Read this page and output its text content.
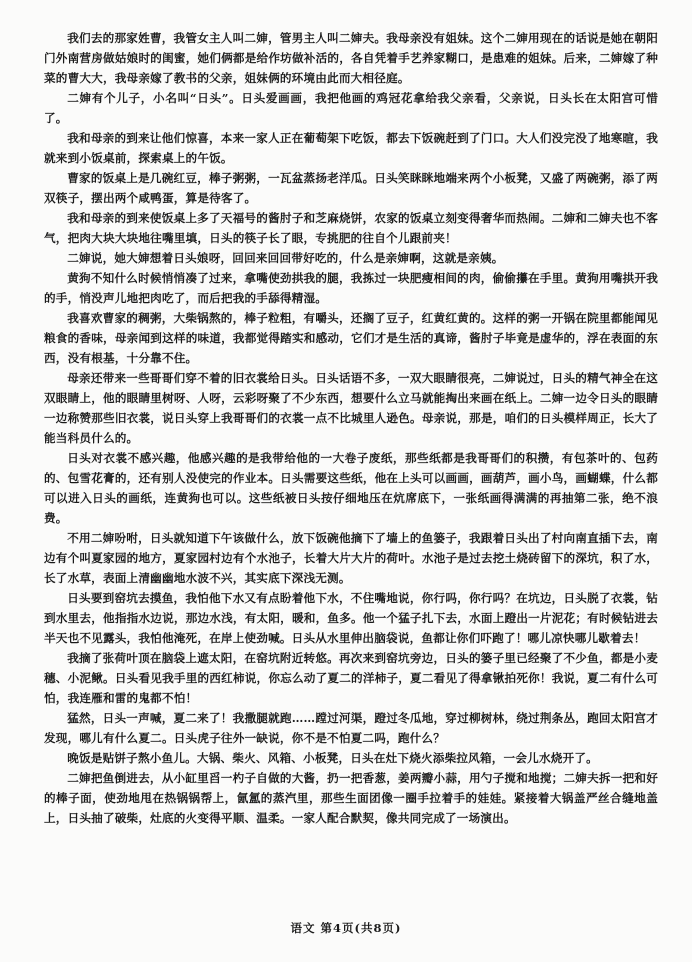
我们去的那家姓曹，我管女主人叫二婶，管男主人叫二婶夫。我母亲没有姐妹。这个二婶用现在的话说是她在朝阳门外南营房做姑娘时的闺蜜，她们俩都是给作坊做补活的，各自凭着手艺养家糊口，是患难的姐妹。后来，二婶嫁了种菜的曹大大，我母亲嫁了教书的父亲，姐妹俩的环境由此而大相径庭。

二婶有个儿子，小名叫“日头”。日头爱画画，我把他画的鸡冠花拿给我父亲看，父亲说，日头长在太阳宫可惜了。

我和母亲的到来让他们惊喜，本来一家人正在葡萄架下吃饭，都去下饭碗赶到了门口。大人们没完没了地寒暄，我就来到小饭桌前，探索桌上的午饭。

曹家的饭桌上是几碗红豆，棒子粥粥，一瓦盆蒸扬老洋瓜。日头笑眯眯地端来两个小板凳，又盛了两碗粥，添了两双筷子，摆出两个咸鸭蛋，算是待客了。

我和母亲的到来使饭桌上多了天福号的酱肘子和芝麻烧饼，农家的饭桌立刻变得奢华而热闹。二婶和二婶夫也不客气，把肉大块大块地往嘴里填，日头的筷子长了眼，专挑肥的往自个儿跟前夹！

二婶说，她大婶想着日头娘呀，回回来回回带好吃的，什么是亲婶啊，这就是亲姨。

黄狗不知什么时候悄悄凑了过来，拿嘴使劲拱我的腿，我拣过一块肥瘦相间的肉，偷偷攥在手里。黄狗用嘴拱开我的手，悄没声儿地把肉吃了，而后把我的手舔得精湿。

我喜欢曹家的稠粥，大柴锅熬的，棒子粒粗，有嚼头，还搁了豆子，红黄红黄的。这样的粥一开锅在院里都能闻见粮食的香味，母亲闻到这样的味道，我都觉得踏实和感动，它们才是生活的真谛，酱肘子毕竟是虚华的，浮在表面的东西，没有根基，十分靠不住。

母亲还带来一些哥哥们穿不着的旧衣裳给日头。日头话语不多，一双大眼睛很亮，二婶说过，日头的精气神全在这双眼睛上，他的眼睛里树呀、人呀，云彩呀聚了不少东西，想要什么立马就能掏出来画在纸上。二婶一边令日头的眼睛一边称赞那些旧衣裳，说日头穿上我哥哥们的衣裳一点不比城里人逊色。母亲说，那是，咱们的日头模样周正，长大了能当科员什么的。

日头对衣裳不感兴趣，他感兴趣的是我带给他的一大卷子废纸，那些纸都是我哥哥们的积攒，有包茶叶的、包药的、包雪花膏的，还有别人没使完的作业本。日头需要这些纸，他在上头可以画画，画葫芦，画小鸟，画蝴蝶，什么都可以进入日头的画纸，连黄狗也可以。这些纸被日头按仔细地压在炕席底下，一张纸画得满满的再抽第二张，绝不浪费。

不用二婶吩咐，日头就知道下午该做什么，放下饭碗他摘下了墙上的鱼篓子，我跟着日头出了村向南直插下去，南边有个叫夏家园的地方，夏家园村边有个水池子，长着大片大片的荷叶。水池子是过去挖土烧砖留下的深坑，积了水，长了水草，表面上清幽幽地水波不兴，其实底下深浅无测。

日头要到窑坑去摸鱼，我怕他下水又有点盼着他下水，不住嘴地说，你行吗，你行吗？在坑边，日头脱了衣裳，钻到水里去，他指指水边说，那边水浅，有太阳，暖和，鱼多。他一个猛子扎下去，水面上蹬出一片泥花；有时候钻进去半天也不见露头，我怕他淹死，在岸上使劲喊。日头从水里伸出脑袋说，鱼都让你们吓跑了！哪儿凉快哪儿歇着去！

我摘了张荷叶顶在脑袋上遮太阳，在窑坑附近转悠。再次来到窑坑旁边，日头的篓子里已经聚了不少鱼，都是小麦穗、小泥鳅。日头看见我手里的西红柿说，你忘么动了夏二的洋柿子，夏二看见了得拿锹拍死你！我说，夏二有什么可怕，我连雁和雷的鬼都不怕！

猛然，日头一声喊，夏二来了！我撒腿就跑……蹚过河渠，蹬过冬瓜地，穿过柳树林，绕过荆条丛，跑回太阳宫才发现，哪儿有什么夏二。日头虎子往外一缺说，你不是不怕夏二吗，跑什么？

晚饭是贴饼子熬小鱼儿。大锅、柴火、风箱、小板凳，日头在灶下烧火添柴拉风箱，一会儿水烧开了。

二婶把鱼倒进去，从小缸里舀一杓子自做的大酱，扔一把香葱，姜两瓣小蒜，用勺子搅和地搅；二婶夫拆一把和好的棒子面，使劲地甩在热锅锅帮上，氤氲的蒸汽里，那些生面团像一圈手拉着手的娃娃。紧接着大锅盖严丝合缝地盖上，日头抽了破柴，灶底的火变得平顺、温柔。一家人配合默契，像共同完成了一场演出。

语文 第4页(共8页)
